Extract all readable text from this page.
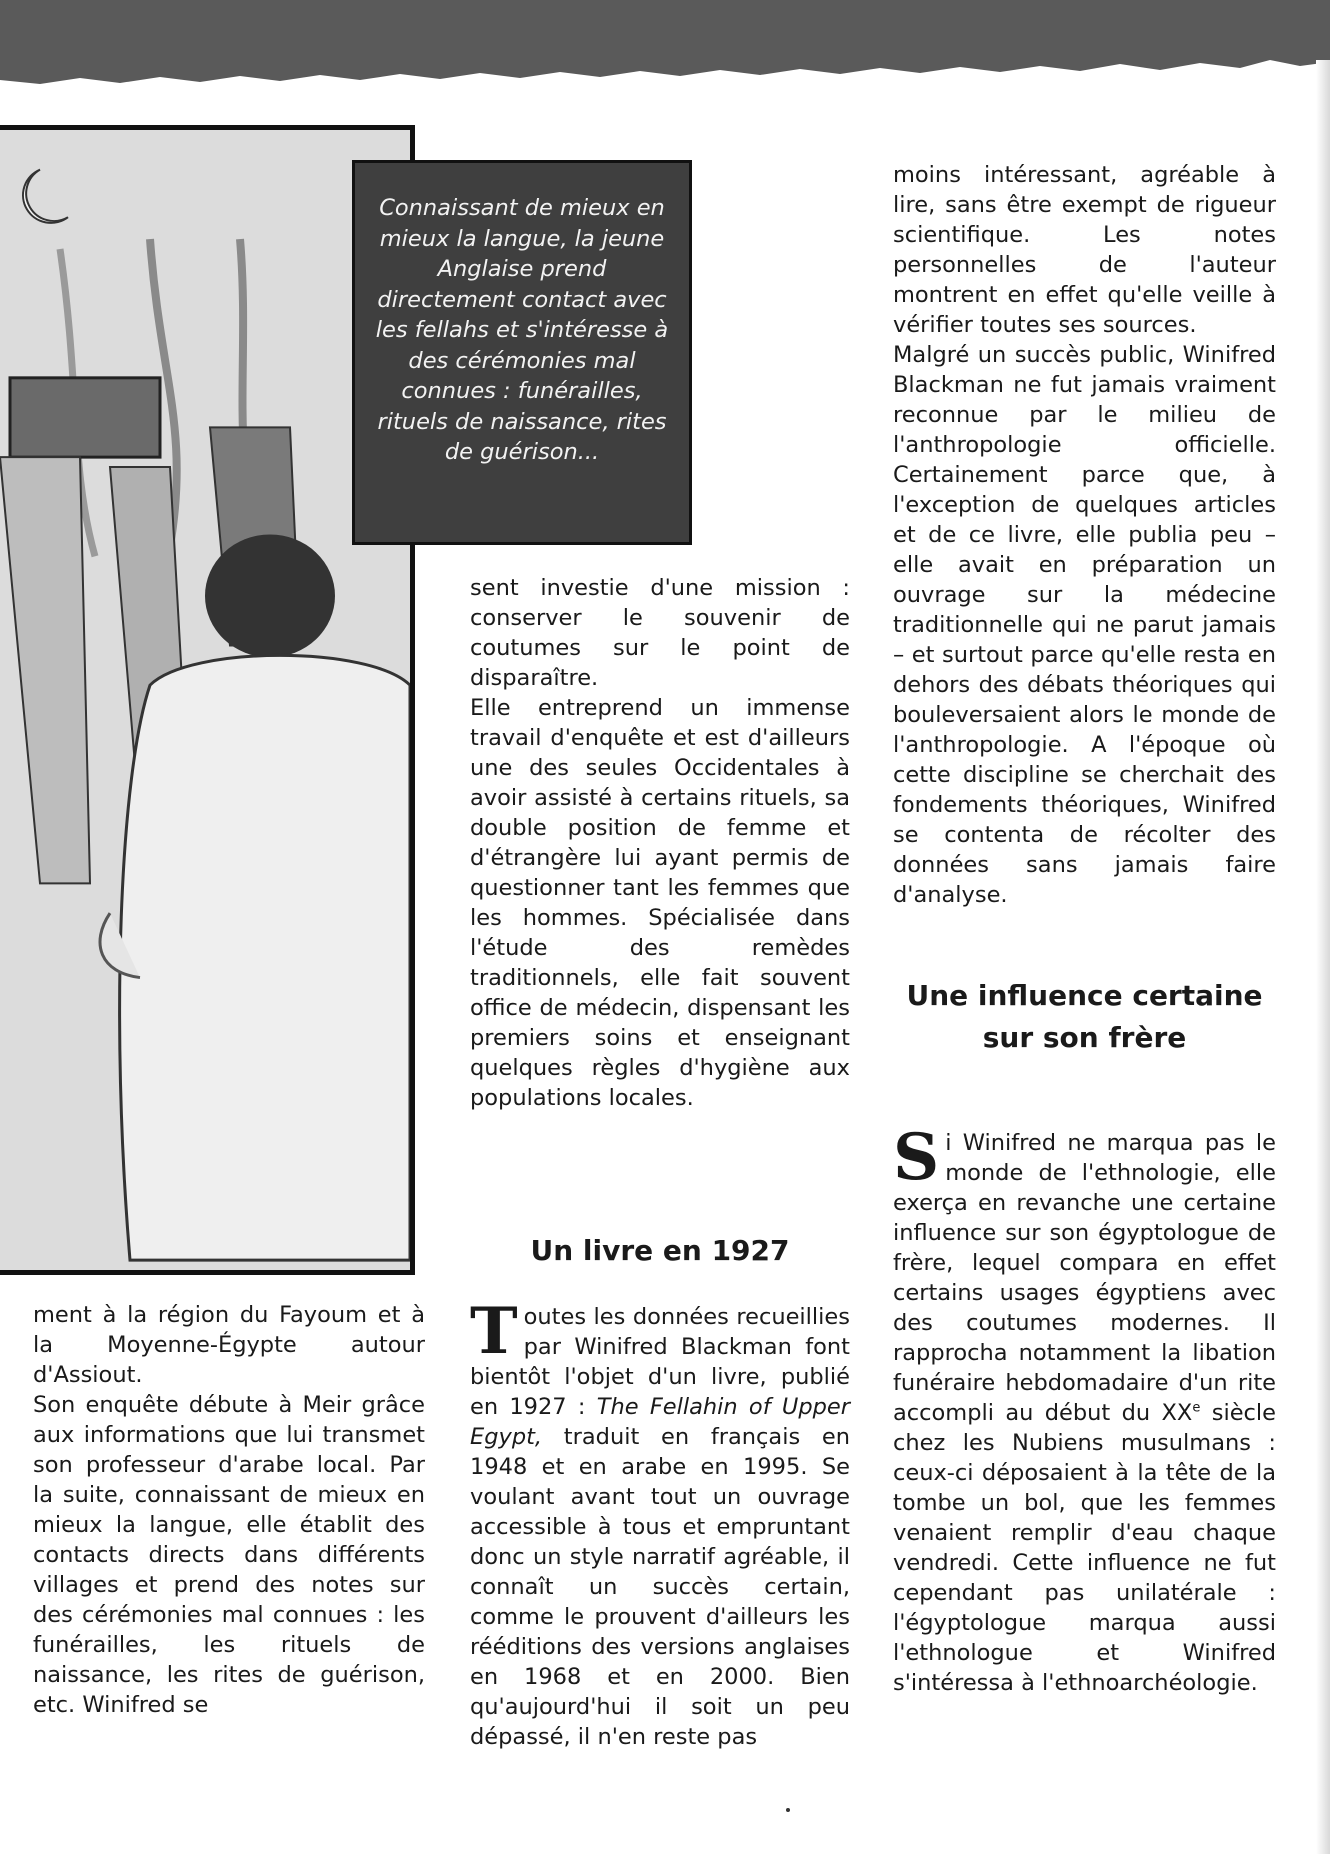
Connaissant de mieux en mieux la langue, la jeune Anglaise prend directement contact avec les fellahs et s'intéresse à des cérémonies mal connues : funérailles, rituels de naissance, rites de guérison...

ment à la région du Fayoum et à la Moyenne-Égypte autour d'Assiout.

Son enquête débute à Meir grâce aux informations que lui transmet son professeur d'arabe local. Par la suite, connaissant de mieux en mieux la langue, elle établit des contacts directs dans différents villages et prend des notes sur des cérémonies mal connues : les funérailles, les rituels de naissance, les rites de guérison, etc. Winifred se

sent investie d'une mission : conserver le souvenir de coutumes sur le point de disparaître.

Elle entreprend un immense travail d'enquête et est d'ailleurs une des seules Occidentales à avoir assisté à certains rituels, sa double position de femme et d'étrangère lui ayant permis de questionner tant les femmes que les hommes. Spécialisée dans l'étude des remèdes traditionnels, elle fait souvent office de médecin, dispensant les premiers soins et enseignant quelques règles d'hygiène aux populations locales.

Un livre en 1927

Toutes les données recueillies par Winifred Blackman font bientôt l'objet d'un livre, publié en 1927 : The Fellahin of Upper Egypt, traduit en français en 1948 et en arabe en 1995. Se voulant avant tout un ouvrage accessible à tous et empruntant donc un style narratif agréable, il connaît un succès certain, comme le prouvent d'ailleurs les rééditions des versions anglaises en 1968 et en 2000. Bien qu'aujourd'hui il soit un peu dépassé, il n'en reste pas

moins intéressant, agréable à lire, sans être exempt de rigueur scientifique. Les notes personnelles de l'auteur montrent en effet qu'elle veille à vérifier toutes ses sources.

Malgré un succès public, Winifred Blackman ne fut jamais vraiment reconnue par le milieu de l'anthropologie officielle. Certainement parce que, à l'exception de quelques articles et de ce livre, elle publia peu – elle avait en préparation un ouvrage sur la médecine traditionnelle qui ne parut jamais – et surtout parce qu'elle resta en dehors des débats théoriques qui bouleversaient alors le monde de l'anthropologie. A l'époque où cette discipline se cherchait des fondements théoriques, Winifred se contenta de récolter des données sans jamais faire d'analyse.

Une influence certaine sur son frère

Si Winifred ne marqua pas le monde de l'ethnologie, elle exerça en revanche une certaine influence sur son égyptologue de frère, lequel compara en effet certains usages égyptiens avec des coutumes modernes. Il rapprocha notamment la libation funéraire hebdomadaire d'un rite accompli au début du XXe siècle chez les Nubiens musulmans : ceux-ci déposaient à la tête de la tombe un bol, que les femmes venaient remplir d'eau chaque vendredi. Cette influence ne fut cependant pas unilatérale : l'égyptologue marqua aussi l'ethnologue et Winifred s'intéressa à l'ethnoarchéologie.
